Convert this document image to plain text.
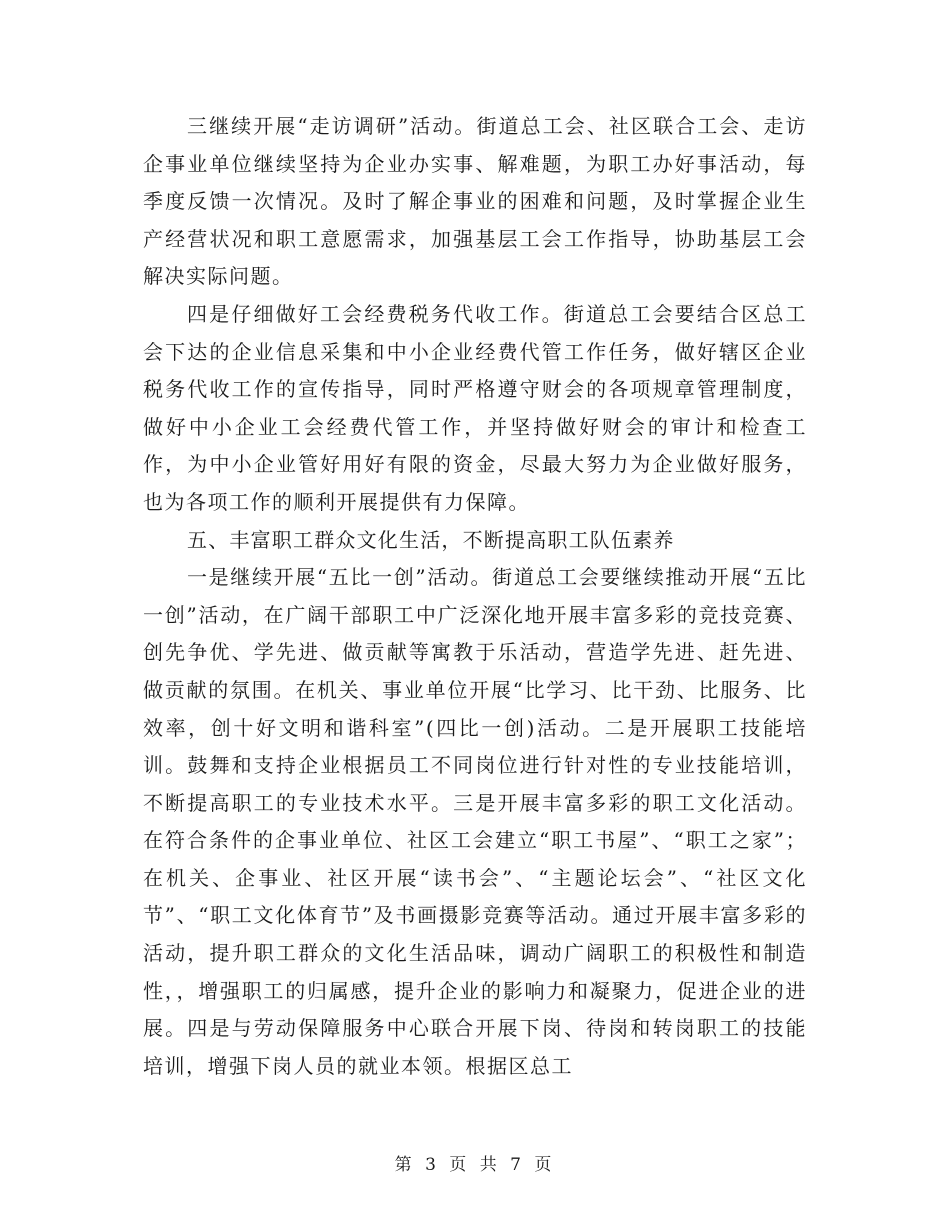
三继续开展“走访调研”活动。街道总工会、社区联合工会、走访企事业单位继续坚持为企业办实事、解难题，为职工办好事活动，每季度反馈一次情况。及时了解企事业的困难和问题，及时掌握企业生产经营状况和职工意愿需求，加强基层工会工作指导，协助基层工会解决实际问题。

四是仔细做好工会经费税务代收工作。街道总工会要结合区总工会下达的企业信息采集和中小企业经费代管工作任务，做好辖区企业税务代收工作的宣传指导，同时严格遵守财会的各项规章管理制度，做好中小企业工会经费代管工作，并坚持做好财会的审计和检查工作，为中小企业管好用好有限的资金，尽最大努力为企业做好服务，也为各项工作的顺利开展提供有力保障。

五、丰富职工群众文化生活，不断提高职工队伍素养

一是继续开展“五比一创”活动。街道总工会要继续推动开展“五比一创”活动，在广阔干部职工中广泛深化地开展丰富多彩的竞技竞赛、创先争优、学先进、做贡献等寓教于乐活动，营造学先进、赶先进、做贡献的氛围。在机关、事业单位开展“比学习、比干劲、比服务、比效率，创十好文明和谐科室”(四比一创)活动。二是开展职工技能培训。鼓舞和支持企业根据员工不同岗位进行针对性的专业技能培训，不断提高职工的专业技术水平。三是开展丰富多彩的职工文化活动。在符合条件的企事业单位、社区工会建立“职工书屋”、“职工之家”；在机关、企事业、社区开展“读书会”、“主题论坛会”、“社区文化节”、“职工文化体育节”及书画摄影竞赛等活动。通过开展丰富多彩的活动，提升职工群众的文化生活品味，调动广阔职工的积极性和制造性，，增强职工的归属感，提升企业的影响力和凝聚力，促进企业的进展。四是与劳动保障服务中心联合开展下岗、待岗和转岗职工的技能培训，增强下岗人员的就业本领。根据区总工

第 3 页 共 7 页
